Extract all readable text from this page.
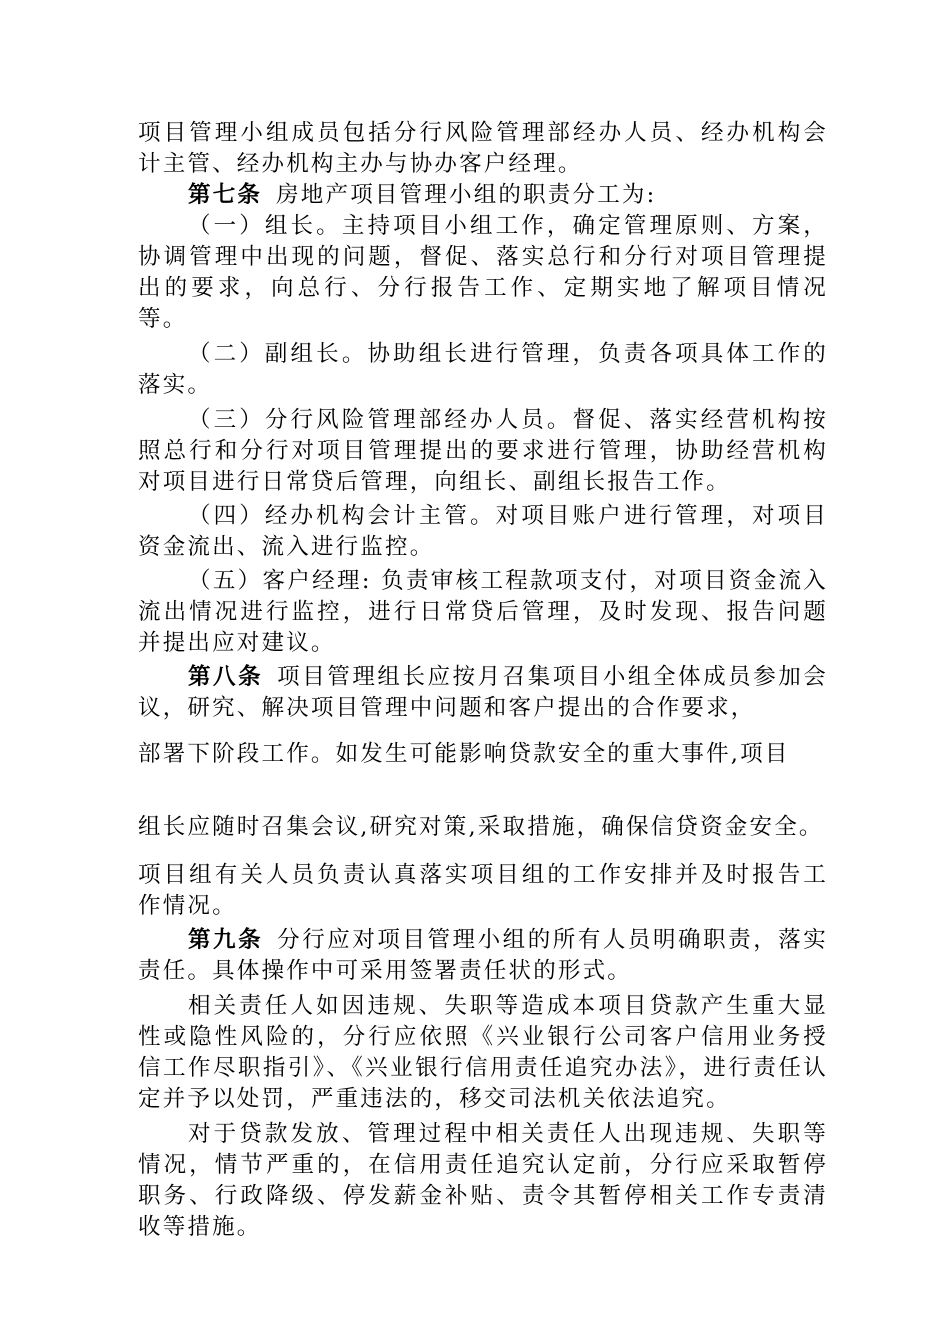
项目管理小组成员包括分行风险管理部经办人员、经办机构会计主管、经办机构主办与协办客户经理。

第七条 房地产项目管理小组的职责分工为:

（一）组长。主持项目小组工作，确定管理原则、方案，协调管理中出现的问题，督促、落实总行和分行对项目管理提出的要求，向总行、分行报告工作、定期实地了解项目情况等。

（二）副组长。协助组长进行管理，负责各项具体工作的落实。

（三）分行风险管理部经办人员。督促、落实经营机构按照总行和分行对项目管理提出的要求进行管理，协助经营机构对项目进行日常贷后管理，向组长、副组长报告工作。

（四）经办机构会计主管。对项目账户进行管理，对项目资金流出、流入进行监控。

（五）客户经理: 负责审核工程款项支付，对项目资金流入流出情况进行监控，进行日常贷后管理，及时发现、报告问题并提出应对建议。

第八条 项目管理组长应按月召集项目小组全体成员参加会议，研究、解决项目管理中问题和客户提出的合作要求，

部署下阶段工作。如发生可能影响贷款安全的重大事件,项目

组长应随时召集会议,研究对策,采取措施，确保信贷资金安全。

项目组有关人员负责认真落实项目组的工作安排并及时报告工作情况。

第九条 分行应对项目管理小组的所有人员明确职责，落实责任。具体操作中可采用签署责任状的形式。

相关责任人如因违规、失职等造成本项目贷款产生重大显性或隐性风险的，分行应依照《兴业银行公司客户信用业务授信工作尽职指引》、《兴业银行信用责任追究办法》，进行责任认定并予以处罚，严重违法的，移交司法机关依法追究。

对于贷款发放、管理过程中相关责任人出现违规、失职等情况，情节严重的，在信用责任追究认定前，分行应采取暂停职务、行政降级、停发薪金补贴、责令其暂停相关工作专责清收等措施。
